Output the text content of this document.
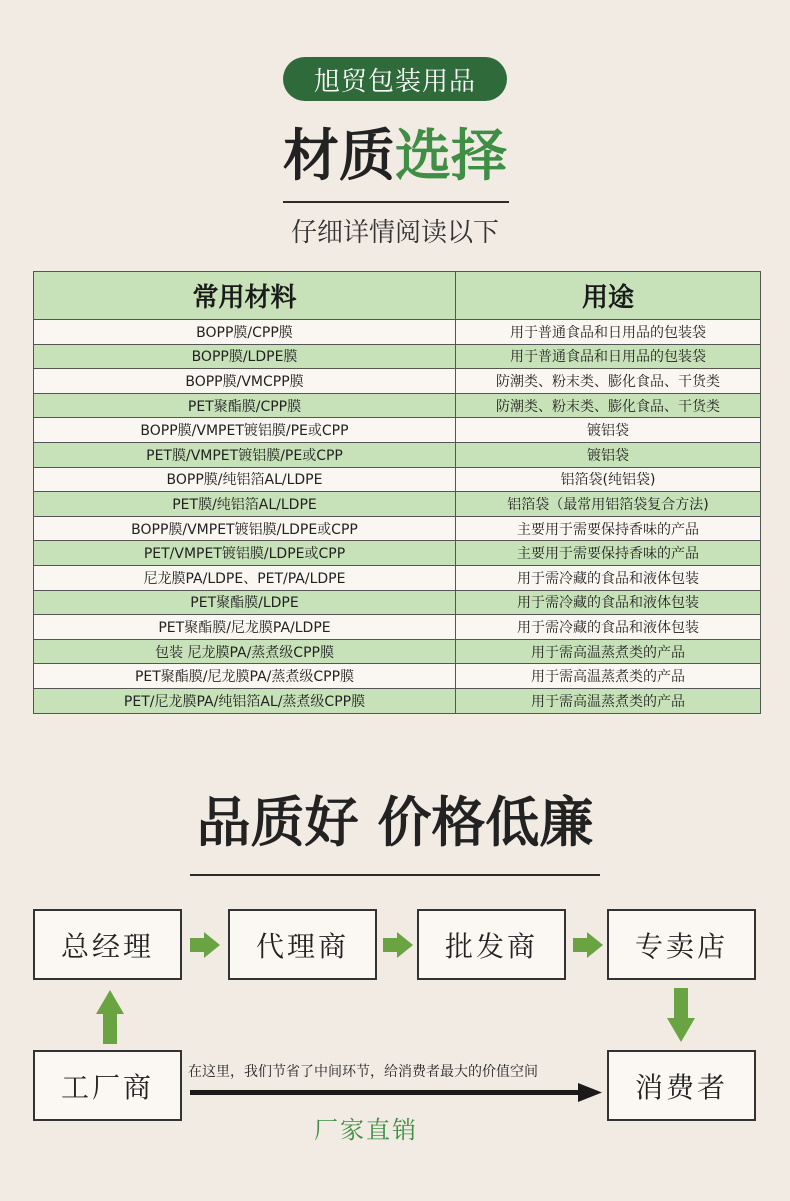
旭贸包装用品
材质选择
仔细详情阅读以下
常用材料	用途
BOPP膜/CPP膜	用于普通食品和日用品的包装袋
BOPP膜/LDPE膜	用于普通食品和日用品的包装袋
BOPP膜/VMCPP膜	防潮类、粉末类、膨化食品、干货类
PET聚酯膜/CPP膜	防潮类、粉末类、膨化食品、干货类
BOPP膜/VMPET镀铝膜/PE或CPP	镀铝袋
PET膜/VMPET镀铝膜/PE或CPP	镀铝袋
BOPP膜/纯铝箔AL/LDPE	铝箔袋(纯铝袋)
PET膜/纯铝箔AL/LDPE	铝箔袋（最常用铝箔袋复合方法)
BOPP膜/VMPET镀铝膜/LDPE或CPP	主要用于需要保持香味的产品
PET/VMPET镀铝膜/LDPE或CPP	主要用于需要保持香味的产品
尼龙膜PA/LDPE、PET/PA/LDPE	用于需冷藏的食品和液体包装
PET聚酯膜/LDPE	用于需冷藏的食品和液体包装
PET聚酯膜/尼龙膜PA/LDPE	用于需冷藏的食品和液体包装
包装 尼龙膜PA/蒸煮级CPP膜	用于需高温蒸煮类的产品
PET聚酯膜/尼龙膜PA/蒸煮级CPP膜	用于需高温蒸煮类的产品
PET/尼龙膜PA/纯铝箔AL/蒸煮级CPP膜	用于需高温蒸煮类的产品
品质好 价格低廉
总经理	代理商	批发商	专卖店
工厂商	消费者
在这里，我们节省了中间环节，给消费者最大的价值空间
厂家直销
